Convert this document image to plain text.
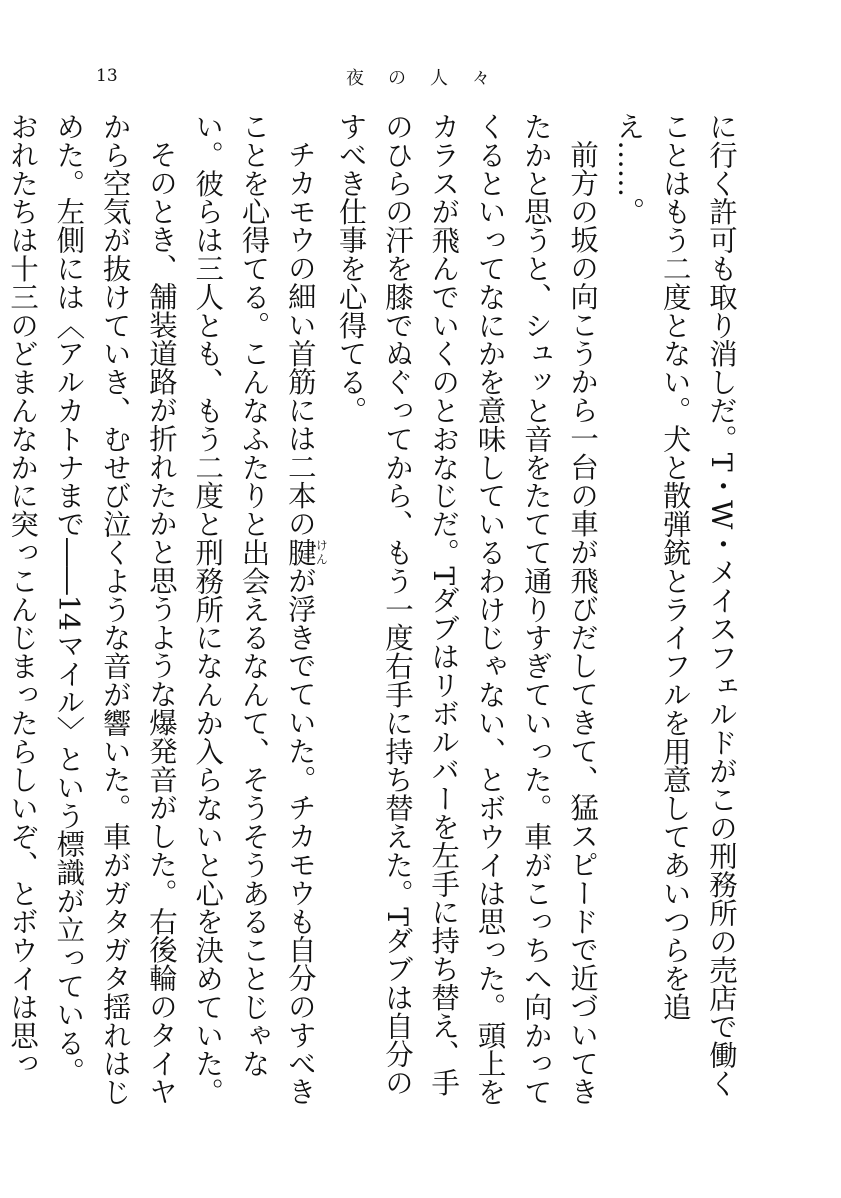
13	夜の人々

に行く許可も取り消しだ。T・W・メイスフェルドがこの刑務所の売店で働くことはもう二度とない。犬と散弾銃とライフルを用意してあいつらを追え……。

前方の坂の向こうから一台の車が飛びだしてきて、猛スピードで近づいてきたかと思うと、シュッと音をたてて通りすぎていった。車がこっちへ向かってくるといってなにかを意味しているわけじゃない、とボウイは思った。頭上をカラスが飛んでいくのとおなじだ。Tダブはリボルバーを左手に持ち替え、手のひらの汗を膝でぬぐってから、もう一度右手に持ち替えた。Tダブは自分のすべき仕事を心得てる。

チカモウの細い首筋には二本の腱けんが浮きでていた。チカモウも自分のすべきことを心得てる。こんなふたりと出会えるなんて、そうそうあることじゃない。彼らは三人とも、もう二度と刑務所になんか入らないと心を決めていた。

そのとき、舗装道路が折れたかと思うような爆発音がした。右後輪のタイヤから空気が抜けていき、むせび泣くような音が響いた。車がガタガタ揺れはじめた。左側には〈アルカトナまで――14マイル〉という標識が立っている。おれたちは十三のどまんなかに突っこんじまったらしいぞ、とボウイは思っ
